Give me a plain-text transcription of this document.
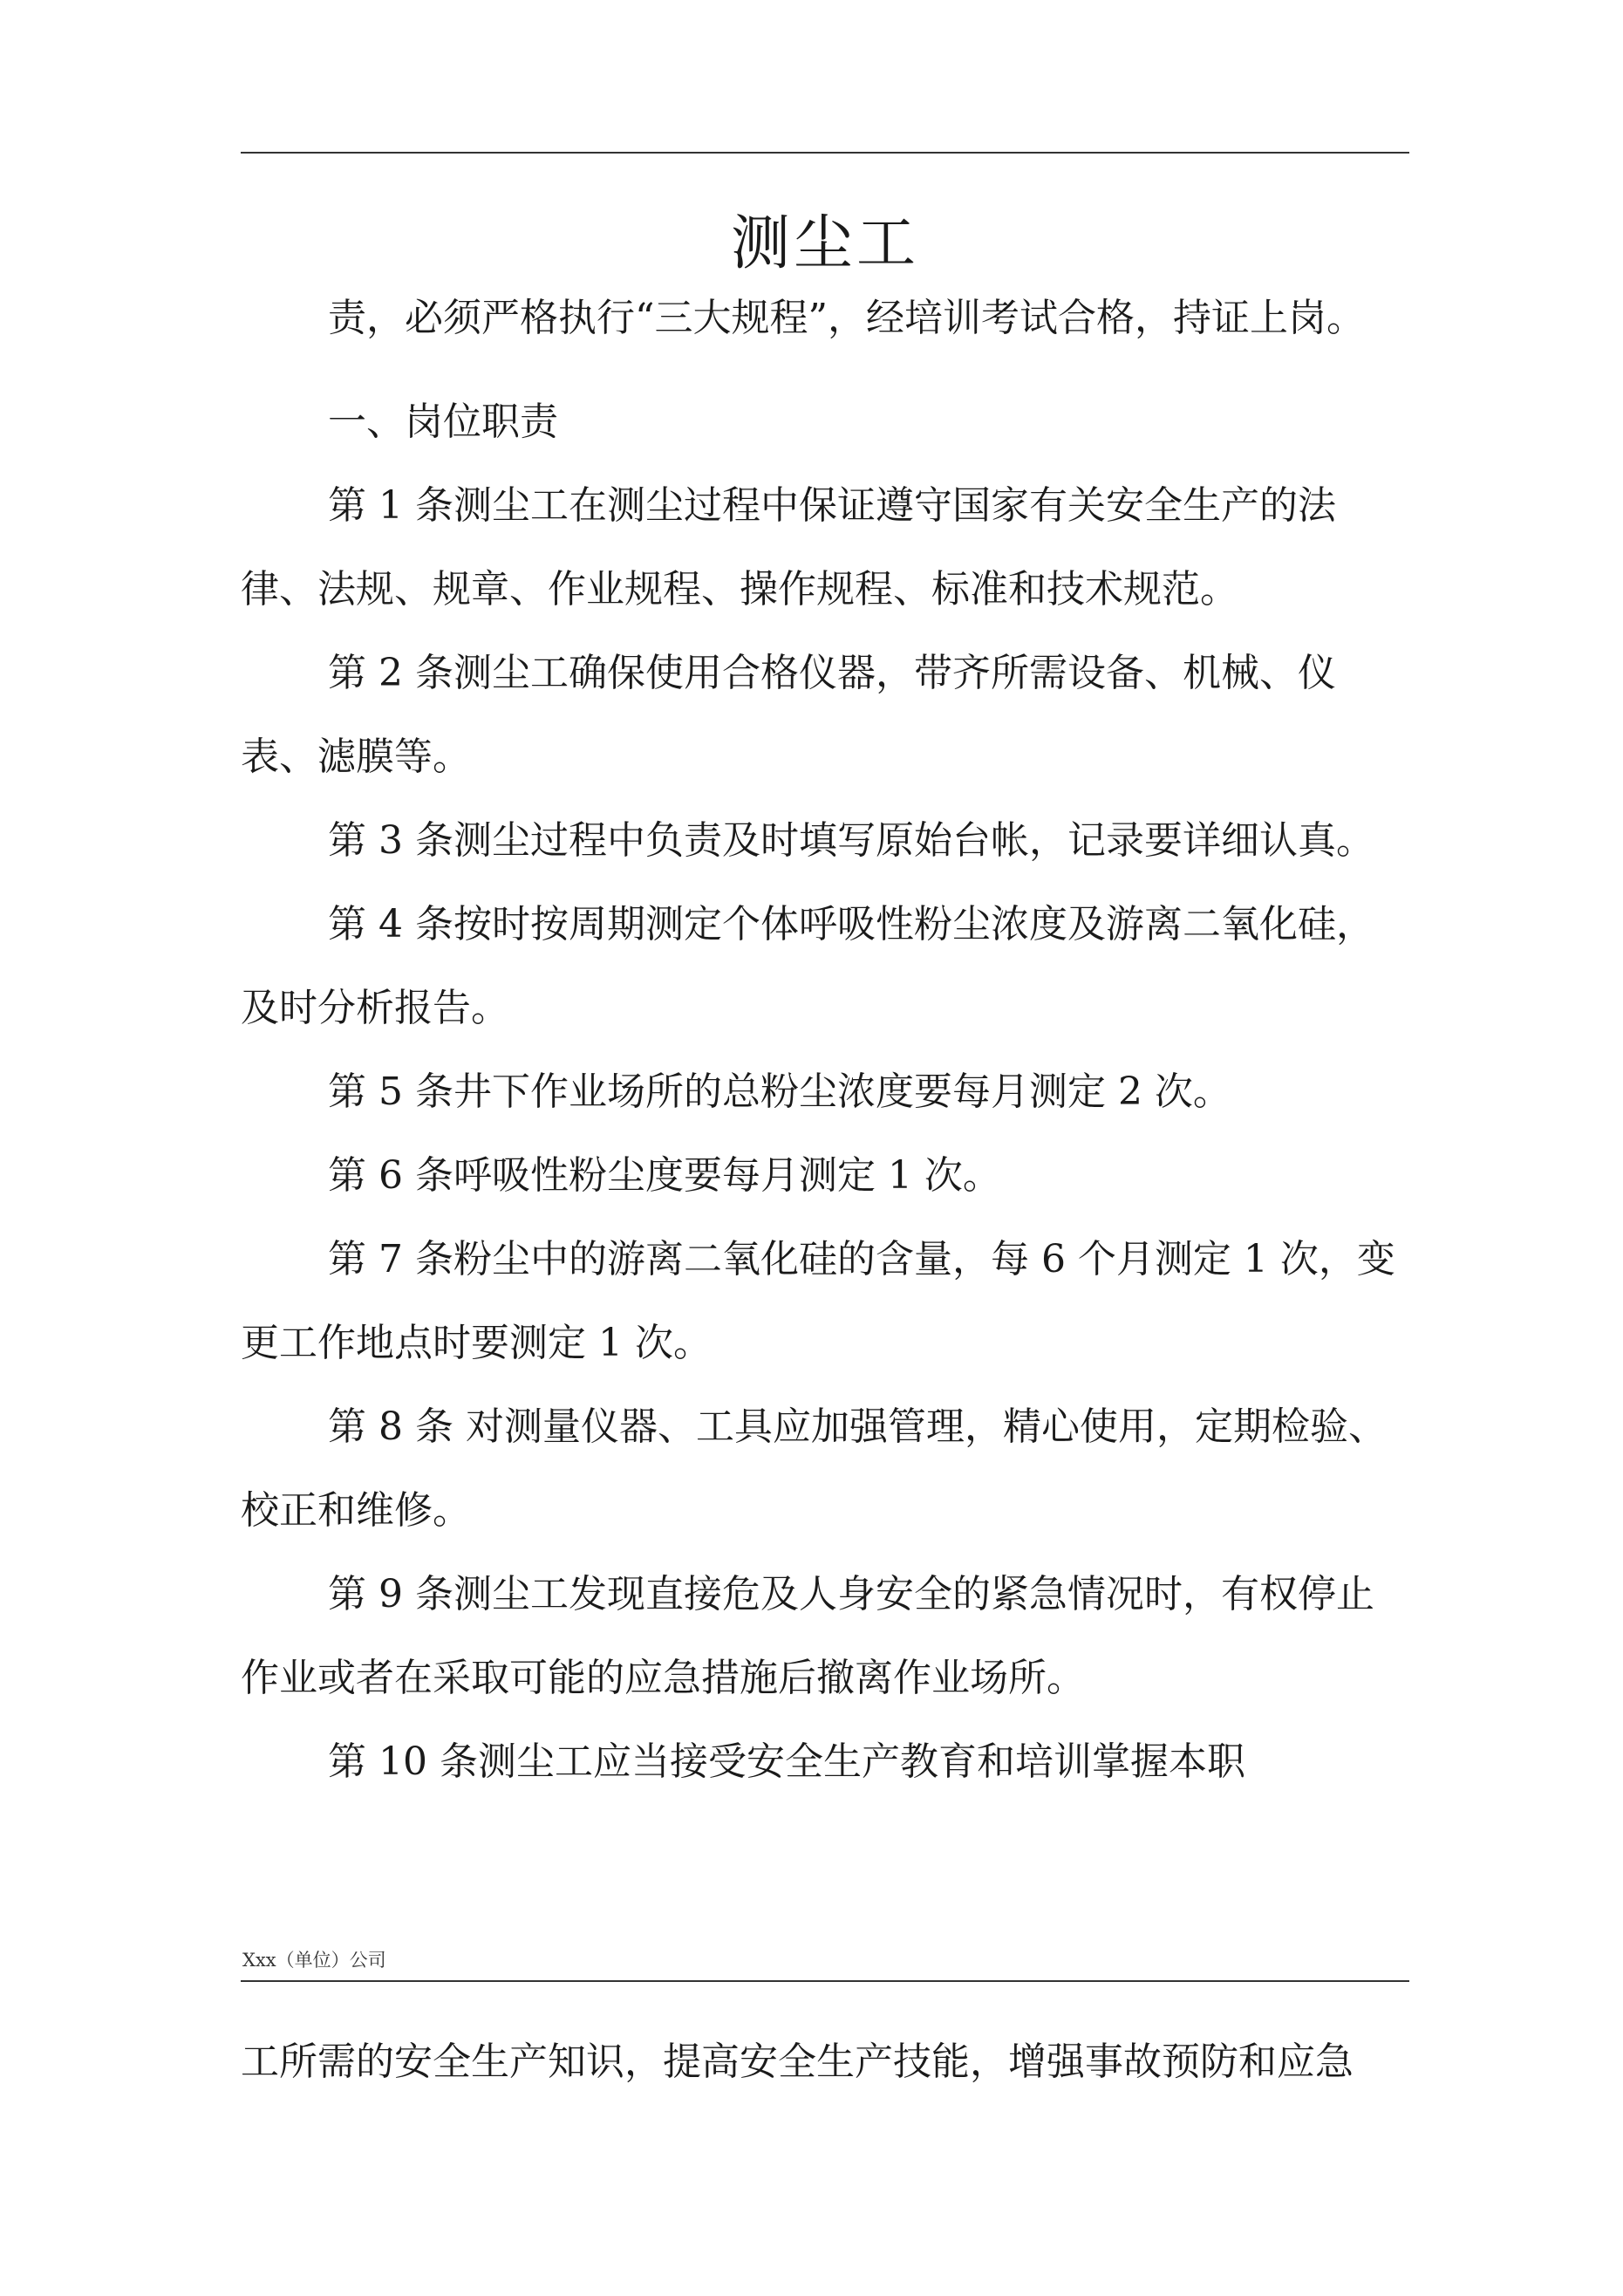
测尘工

责，必须严格执行“三大规程”，经培训考试合格，持证上岗。

一、岗位职责

第 1 条测尘工在测尘过程中保证遵守国家有关安全生产的法律、法规、规章、作业规程、操作规程、标准和技术规范。

第 2 条测尘工确保使用合格仪器，带齐所需设备、机械、仪表、滤膜等。

第 3 条测尘过程中负责及时填写原始台帐，记录要详细认真。

第 4 条按时按周期测定个体呼吸性粉尘浓度及游离二氧化硅，及时分析报告。

第 5 条井下作业场所的总粉尘浓度要每月测定 2 次。

第 6 条呼吸性粉尘度要每月测定 1 次。

第 7 条粉尘中的游离二氧化硅的含量，每 6 个月测定 1 次，变更工作地点时要测定 1 次。

第 8 条 对测量仪器、工具应加强管理，精心使用，定期检验、校正和维修。

第 9 条测尘工发现直接危及人身安全的紧急情况时，有权停止作业或者在采取可能的应急措施后撤离作业场所。

第 10 条测尘工应当接受安全生产教育和培训掌握本职

Xxx（单位）公司

工所需的安全生产知识，提高安全生产技能，增强事故预防和应急
